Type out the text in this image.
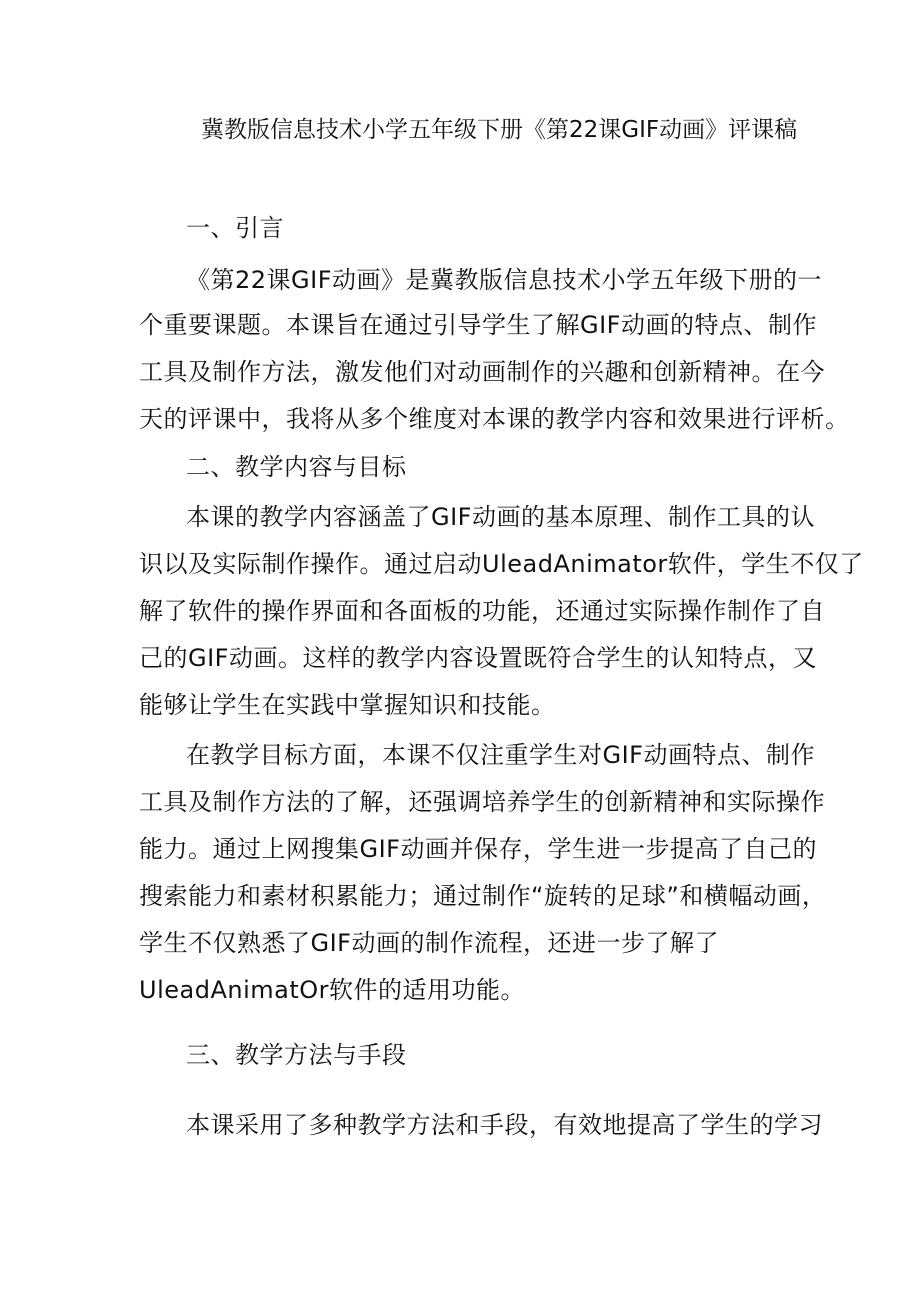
冀教版信息技术小学五年级下册《第22课GIF动画》评课稿
一、引言
《第22课GIF动画》是冀教版信息技术小学五年级下册的一
个重要课题。本课旨在通过引导学生了解GIF动画的特点、制作
工具及制作方法，激发他们对动画制作的兴趣和创新精神。在今
天的评课中，我将从多个维度对本课的教学内容和效果进行评析。
二、教学内容与目标
本课的教学内容涵盖了GIF动画的基本原理、制作工具的认
识以及实际制作操作。通过启动UleadAnimator软件，学生不仅了
解了软件的操作界面和各面板的功能，还通过实际操作制作了自
己的GIF动画。这样的教学内容设置既符合学生的认知特点，又
能够让学生在实践中掌握知识和技能。
在教学目标方面，本课不仅注重学生对GIF动画特点、制作
工具及制作方法的了解，还强调培养学生的创新精神和实际操作
能力。通过上网搜集GIF动画并保存，学生进一步提高了自己的
搜索能力和素材积累能力；通过制作“旋转的足球”和横幅动画，
学生不仅熟悉了GIF动画的制作流程，还进一步了解了
UleadAnimatOr软件的适用功能。
三、教学方法与手段
本课采用了多种教学方法和手段，有效地提高了学生的学习
